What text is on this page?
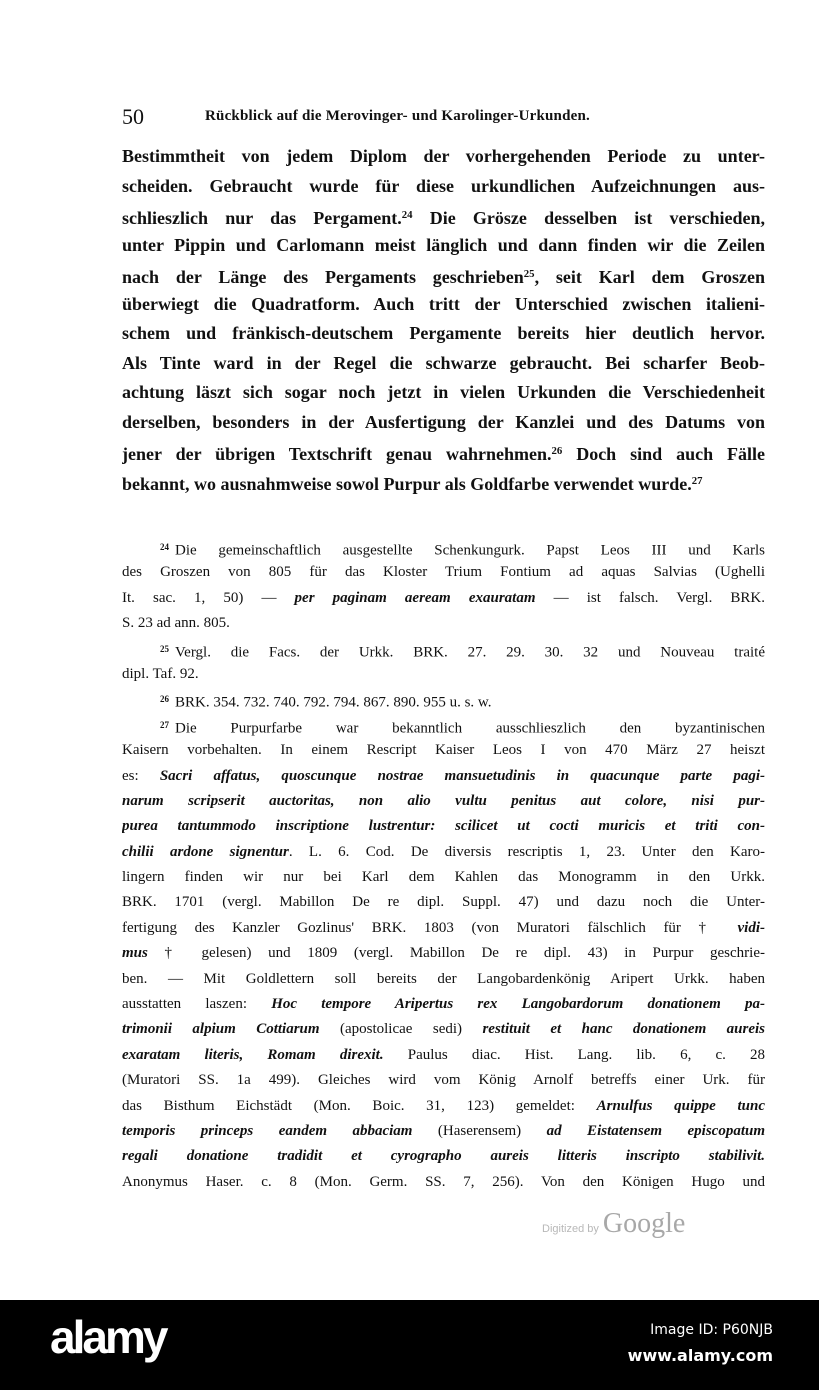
50	Rückblick auf die Merovinger- und Karolinger-Urkunden.
Bestimmtheit von jedem Diplom der vorhergehenden Periode zu unter-
scheiden. Gebraucht wurde für diese urkundlichen Aufzeichnungen aus-
schlieszlich nur das Pergament.$^{24}$ Die Grösze desselben ist verschieden,
unter Pippin und Carlomann meist länglich und dann finden wir die Zeilen
nach der Länge des Pergaments geschrieben$^{25}$, seit Karl dem Groszen
überwiegt die Quadratform. Auch tritt der Unterschied zwischen italieni-
schem und fränkisch-deutschem Pergamente bereits hier deutlich hervor.
Als Tinte ward in der Regel die schwarze gebraucht. Bei scharfer Beob-
achtung läszt sich sogar noch jetzt in vielen Urkunden die Verschiedenheit
derselben, besonders in der Ausfertigung der Kanzlei und des Datums von
jener der übrigen Textschrift genau wahrnehmen.$^{26}$ Doch sind auch Fälle
bekannt, wo ausnahmweise sowol Purpur als Goldfarbe verwendet wurde.$^{27}$
$^{24}$ Die gemeinschaftlich ausgestellte Schenkungurk. Papst Leos III und Karls
des Groszen von 805 für das Kloster Trium Fontium ad aquas Salvias (Ughelli
It. sac. 1, 50) — per paginam aeream exauratam — ist falsch. Vergl. BRK.
S. 23 ad ann. 805.
$^{25}$ Vergl. die Facs. der Urkk. BRK. 27. 29. 30. 32 und Nouveau traité
dipl. Taf. 92.
$^{26}$ BRK. 354. 732. 740. 792. 794. 867. 890. 955 u. s. w.
$^{27}$ Die Purpurfarbe war bekanntlich ausschlieszlich den byzantinischen
Kaisern vorbehalten. In einem Rescript Kaiser Leos I von 470 März 27 heiszt
es: Sacri affatus, quoscunque nostrae mansuetudinis in quacunque parte pagi-
narum scripserit auctoritas, non alio vultu penitus aut colore, nisi pur-
purea tantummodo inscriptione lustrentur: scilicet ut cocti muricis et triti con-
chilii ardone signentur. L. 6. Cod. De diversis rescriptis 1, 23. Unter den Karo-
lingern finden wir nur bei Karl dem Kahlen das Monogramm in den Urkk.
BRK. 1701 (vergl. Mabillon De re dipl. Suppl. 47) und dazu noch die Unter-
fertigung des Kanzler Gozlinus' BRK. 1803 (von Muratori fälschlich für † vidi-
mus † gelesen) und 1809 (vergl. Mabillon De re dipl. 43) in Purpur geschrie-
ben. — Mit Goldlettern soll bereits der Langobardenkönig Aripert Urkk. haben
ausstatten laszen: Hoc tempore Aripertus rex Langobardorum donationem pa-
trimonii alpium Cottiarum (apostolicae sedi) restituit et hanc donationem aureis
exaratam literis, Romam direxit. Paulus diac. Hist. Lang. lib. 6, c. 28
(Muratori SS. 1a 499). Gleiches wird vom König Arnolf betreffs einer Urk. für
das Bisthum Eichstädt (Mon. Boic. 31, 123) gemeldet: Arnulfus quippe tunc
temporis princeps eandem abbaciam (Haserensem) ad Eistatensem episcopatum
regali donatione tradidit et cyrographo aureis litteris inscripto stabilivit.
Anonymus Haser. c. 8 (Mon. Germ. SS. 7, 256). Von den Königen Hugo und
Digitized by Google
alamy	Image ID: P60NJB
www.alamy.com
